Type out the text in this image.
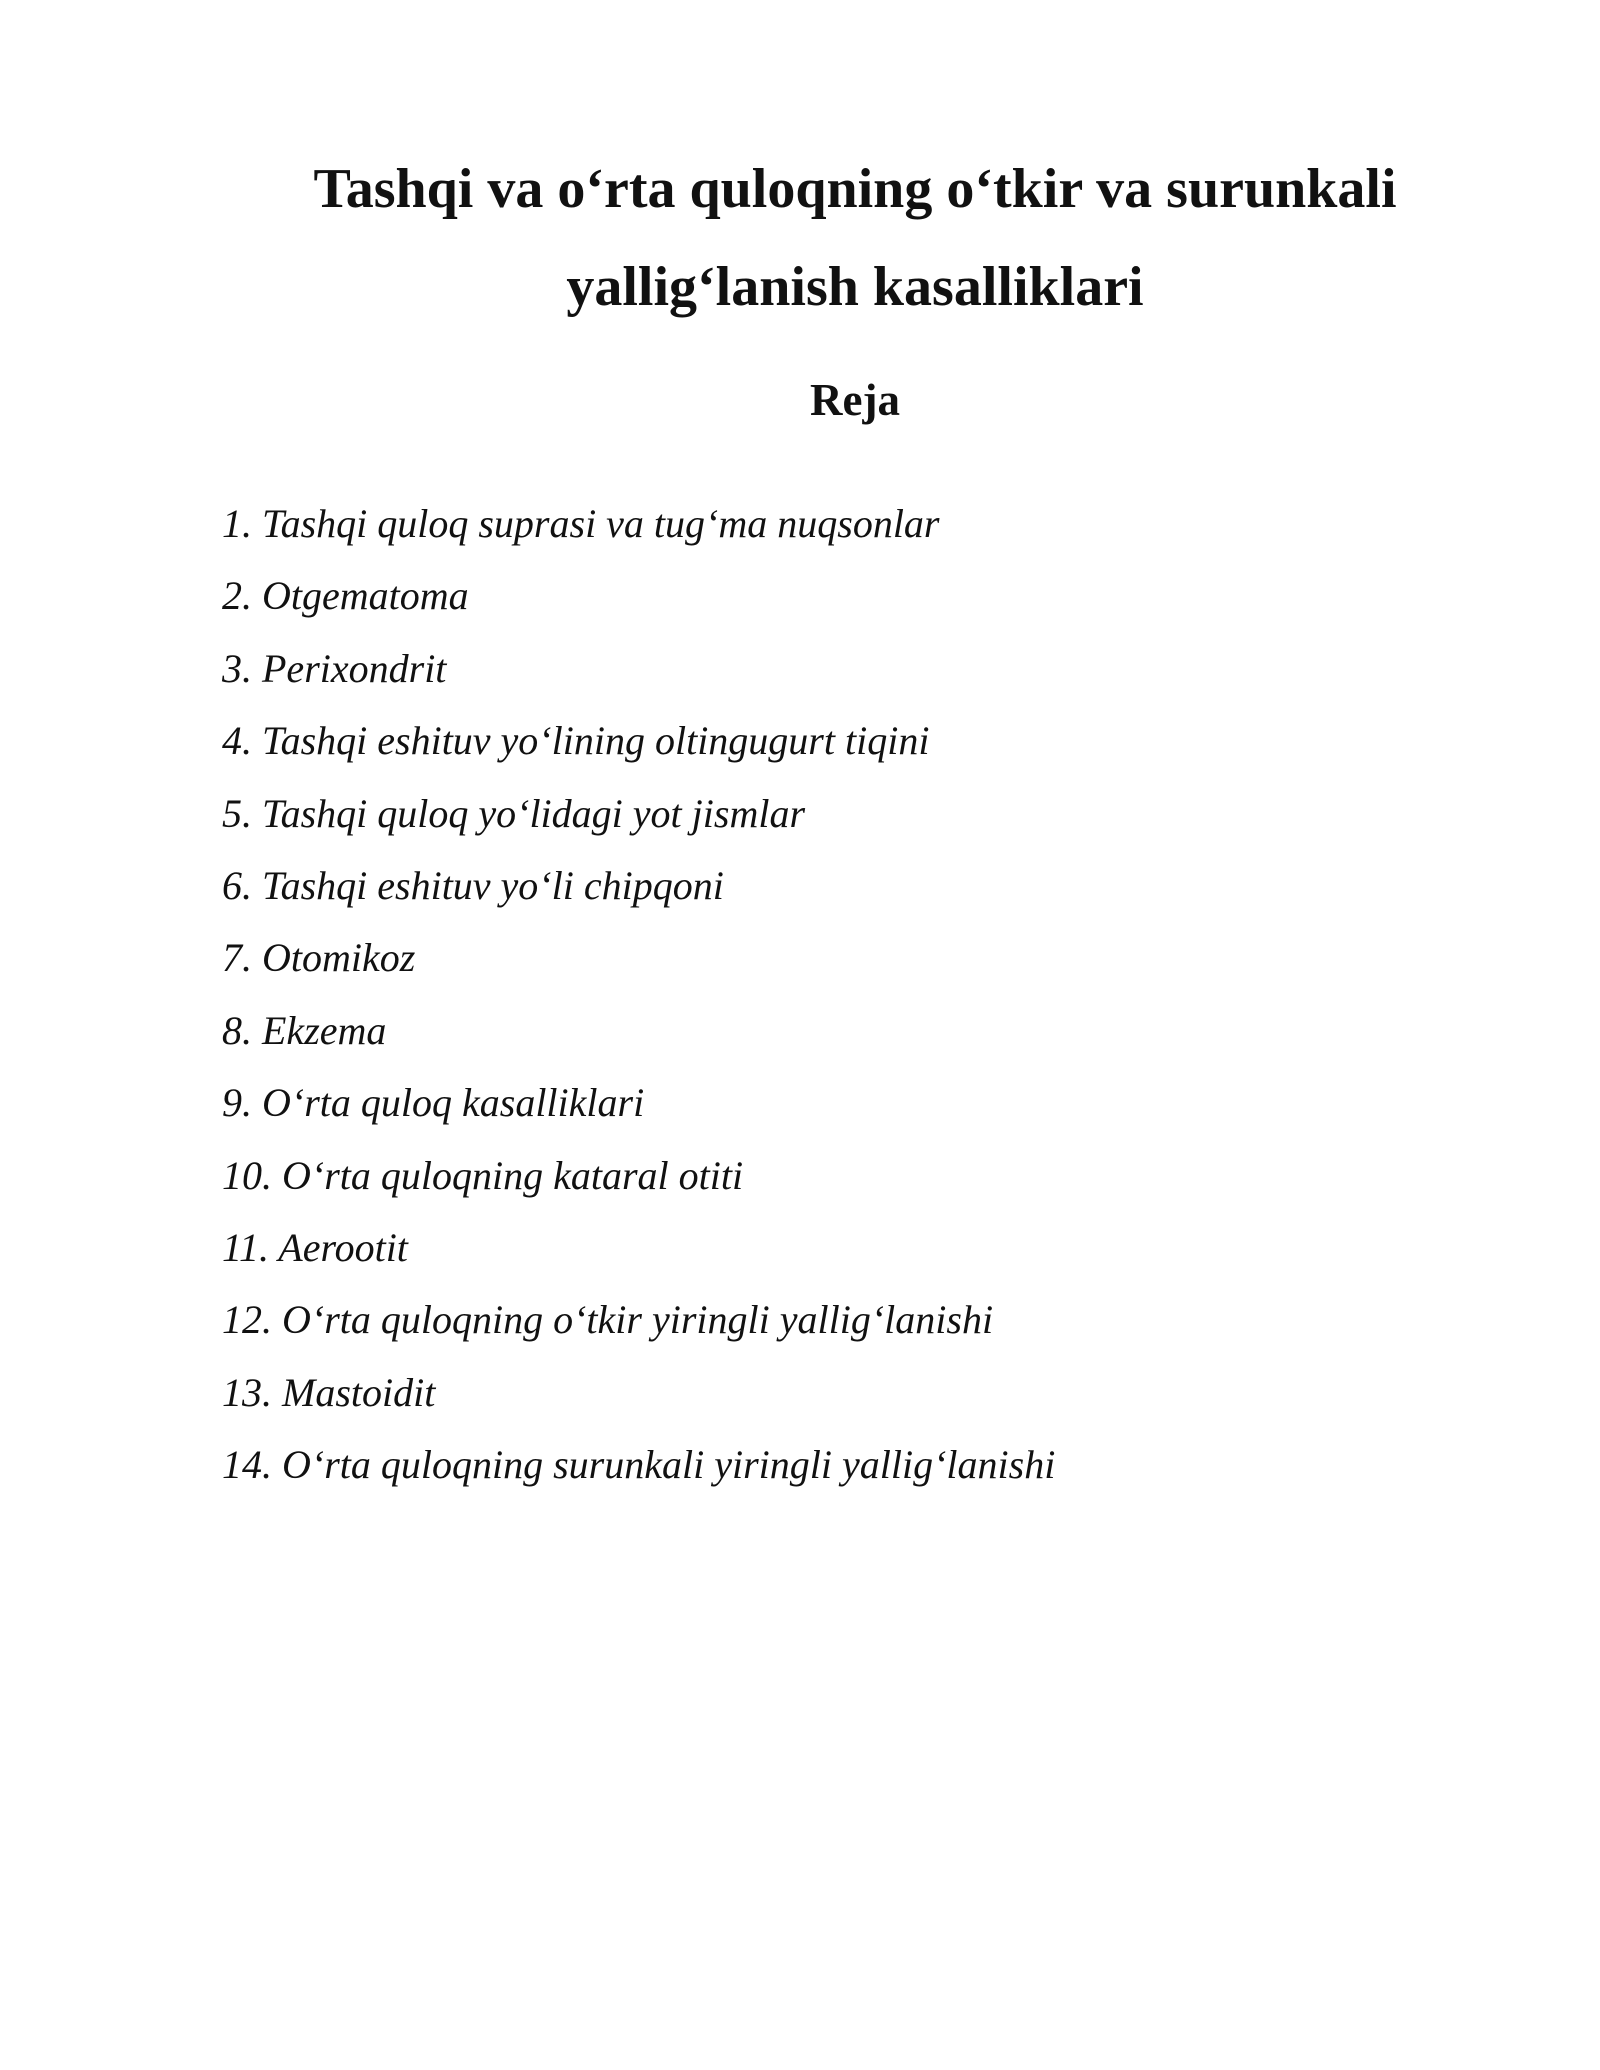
Tashqi va o‘rta quloqning o‘tkir va surunkali
yallig‘lanish kasalliklari
Reja
1. Tashqi quloq suprasi va tug‘ma nuqsonlar
2. Otgematoma
3. Perixondrit
4. Tashqi eshituv yo‘lining oltingugurt tiqini
5. Tashqi quloq yo‘lidagi yot jismlar
6. Tashqi eshituv yo‘li chipqoni
7. Otomikoz
8. Ekzema
9. O‘rta quloq kasalliklari
10. O‘rta quloqning kataral otiti
11. Aerootit
12. O‘rta quloqning o‘tkir yiringli yallig‘lanishi
13. Mastoidit
14. O‘rta quloqning surunkali yiringli yallig‘lanishi
